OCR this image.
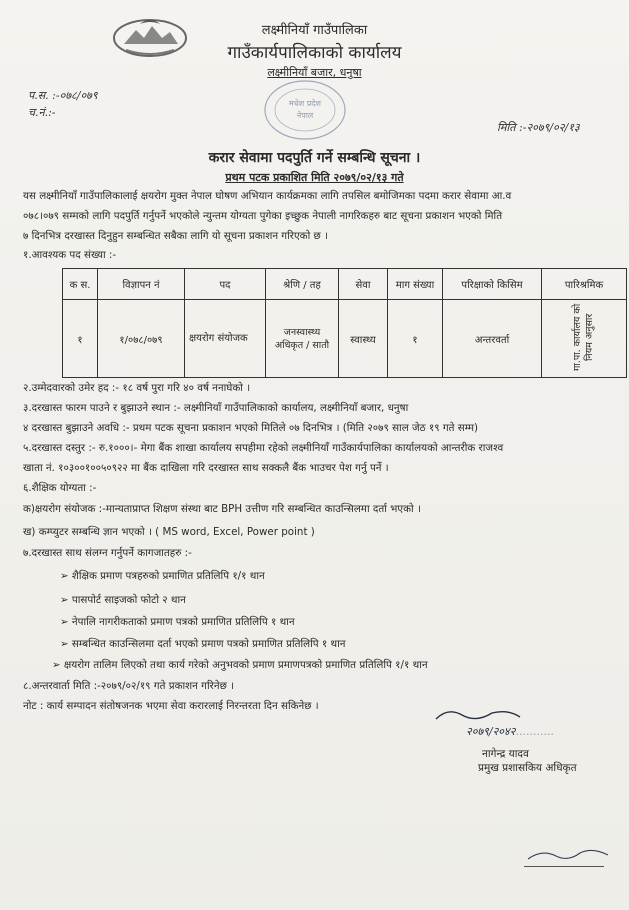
लक्ष्मीनियाँ गाउँपालिका
गाउँकार्यपालिकाको कार्यालय
लक्ष्मीनियाँ बजार, धनुषा
मधेश प्रदेश
नेपाल
प.स. :-०७८/०७९
च.नं.:-
मिति :-२०७९/०२/१३
करार सेवामा पदपुर्ति गर्ने सम्बन्धि सूचना ।
प्रथम पटक प्रकाशित मिति २०७९/०२/१३ गते
यस लक्ष्मीनियाँ गाउँपालिकालाई क्षयरोग मुक्त नेपाल घोषण अभियान कार्यक्रमका लागि तपसिल बमोजिमका पदमा करार सेवामा आ.व
०७८।०७९ सम्मको लागि पदपुर्ति गर्नुपर्ने भएकोले न्युन्तम योग्यता पुगेका इच्छुक नेपाली नागरिकहरु बाट सूचना प्रकाशन भएको मिति
७ दिनभित्र दरखास्त दिनुहुन सम्बन्धित सबैका लागि यो सूचना प्रकाशन गरिएको छ ।
१.आवश्यक पद संख्या :-
क स.	विज्ञापन नं	पद	श्रेणि / तह	सेवा	माग संख्या	परिक्षाको किसिम	पारिश्रमिक
१	१/०७८/०७९	क्षयरोग संयोजक	जनस्वास्थ्य अधिकृत / सातौ	स्वास्थ्य	१	अन्तरवर्ता	गा.पा. कार्यालय को नियम अनुसार
२.उम्मेदवारको उमेर हद :- १८ वर्ष पुरा गरि ४० वर्ष ननाघेको ।
३.दरखास्त फारम पाउने र बुझाउने स्थान :- लक्ष्मीनियाँ गाउँपालिकाको कार्यालय, लक्ष्मीनियाँ बजार, धनुषा
४ दरखास्त बुझाउने अवधि :- प्रथम पटक सूचना प्रकाशन भएको मितिले ०७ दिनभित्र । (मिति २०७९ साल जेठ १९ गते सम्म)
५.दरखास्त दस्तुर :- रु.१०००।- मेगा बैंक शाखा कार्यालय सपहीमा रहेको लक्ष्मीनियाँ गाउँकार्यपालिका कार्यालयको आन्तरीक राजश्व
खाता नं. १०३००१००५०९२२ मा बैंक दाखिला गरि दरखास्त साथ सक्कलै बैंक भाउचर पेश गर्नु पर्ने ।
६.शैक्षिक योग्यता :-
क)क्षयरोग संयोजक :-मान्यताप्राप्त शिक्षण संस्था बाट BPH उत्तीण गरि सम्बन्धित काउन्सिलमा दर्ता भएको ।
ख) कम्प्युटर सम्बन्धि ज्ञान भएको । ( MS word, Excel, Power point )
७.दरखास्त साथ संलग्न गर्नुपर्ने कागजातहरु :-
➢ शैक्षिक प्रमाण पत्रहरुको प्रमाणित प्रतिलिपि १/१ थान
➢ पासपोर्ट साइजको फोटो २ थान
➢ नेपालि नागरीकताको प्रमाण पत्रको प्रमाणित प्रतिलिपि १ थान
➢ सम्बन्धित काउन्सिलमा दर्ता भएको प्रमाण पत्रको प्रमाणित प्रतिलिपि १ थान
➢ क्षयरोग तालिम लिएको तथा कार्य गरेको अनुभवको प्रमाण प्रमाणपत्रको प्रमाणित प्रतिलिपि १/१ थान
८.अन्तरवार्ता मिति :-२०७९/०२/१९ गते प्रकाशन गरिनेछ ।
नोट : कार्य सम्पादन संतोषजनक भएमा सेवा करारलाई निरन्तरता दिन सकिनेछ ।
२०७९/२०४२...........
नागेन्द्र यादव
प्रमुख प्रशासकिय अधिकृत
